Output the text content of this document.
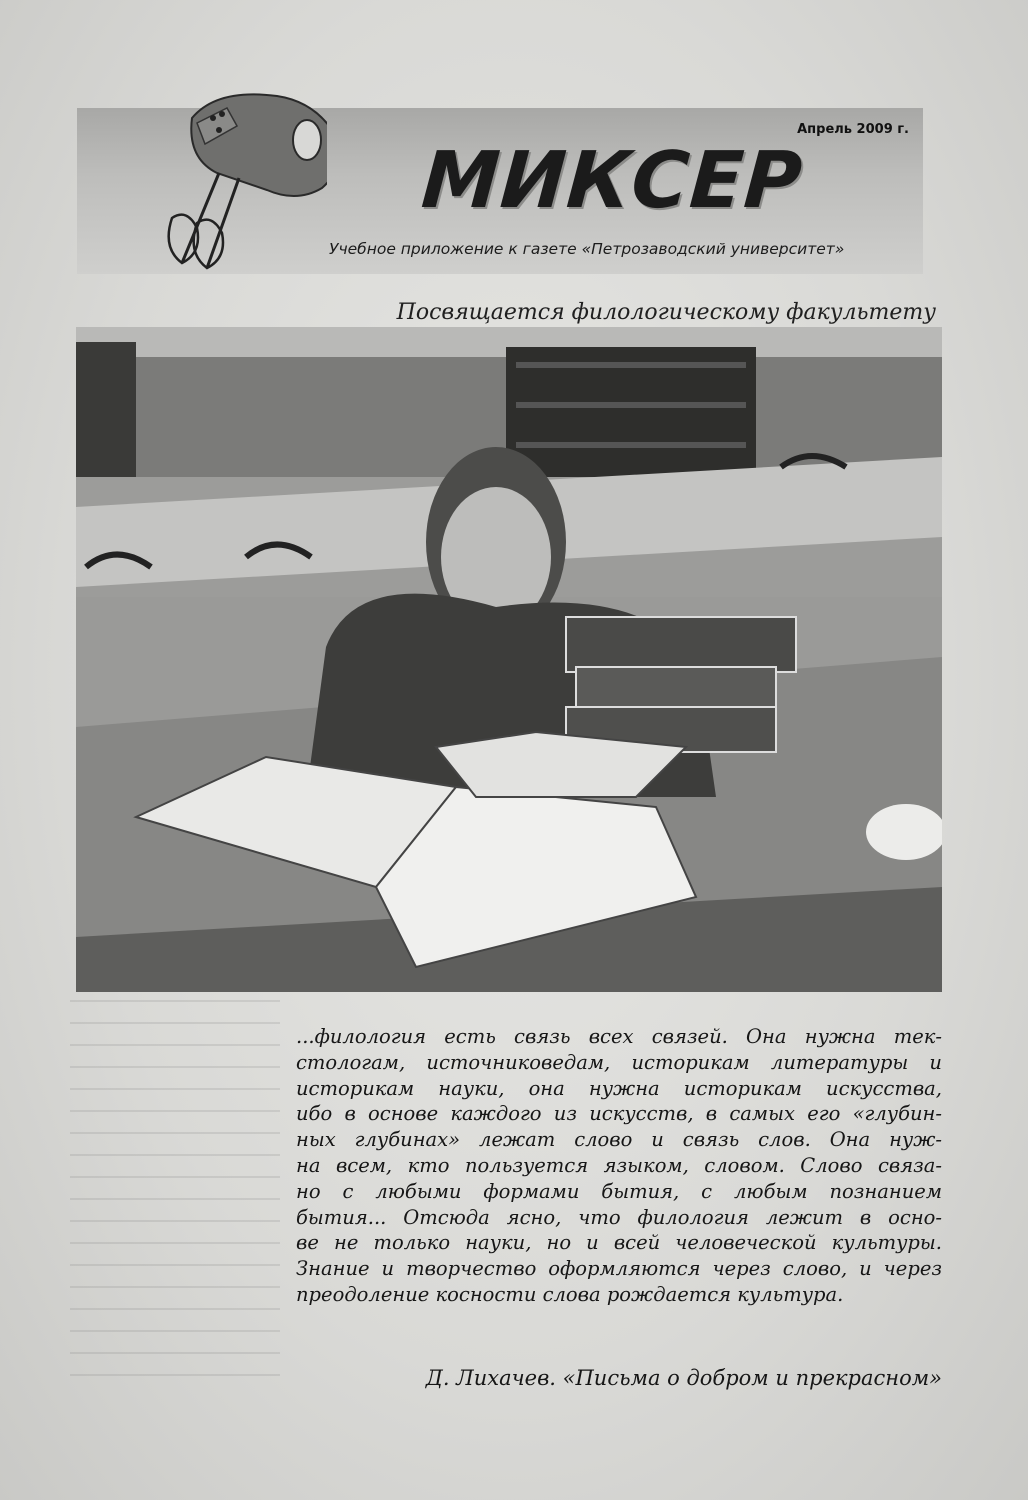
Апрель 2009 г.
МИКСЕР
Учебное приложение к газете «Петрозаводский университет»
Посвящается филологическому факультету
...филология есть связь всех связей. Она нужна тек-
стологам, источниковедам, историкам литературы и
историкам науки, она нужна историкам искусства,
ибо в основе каждого из искусств, в самых его «глубин-
ных глубинах» лежат слово и связь слов. Она нуж-
на всем, кто пользуется языком, словом. Слово связа-
но с любыми формами бытия, с любым познанием
бытия... Отсюда ясно, что филология лежит в осно-
ве не только науки, но и всей человеческой культуры.
Знание и творчество оформляются через слово, и через
преодоление косности слова рождается культура.
Д. Лихачев. «Письма о добром и прекрасном»
